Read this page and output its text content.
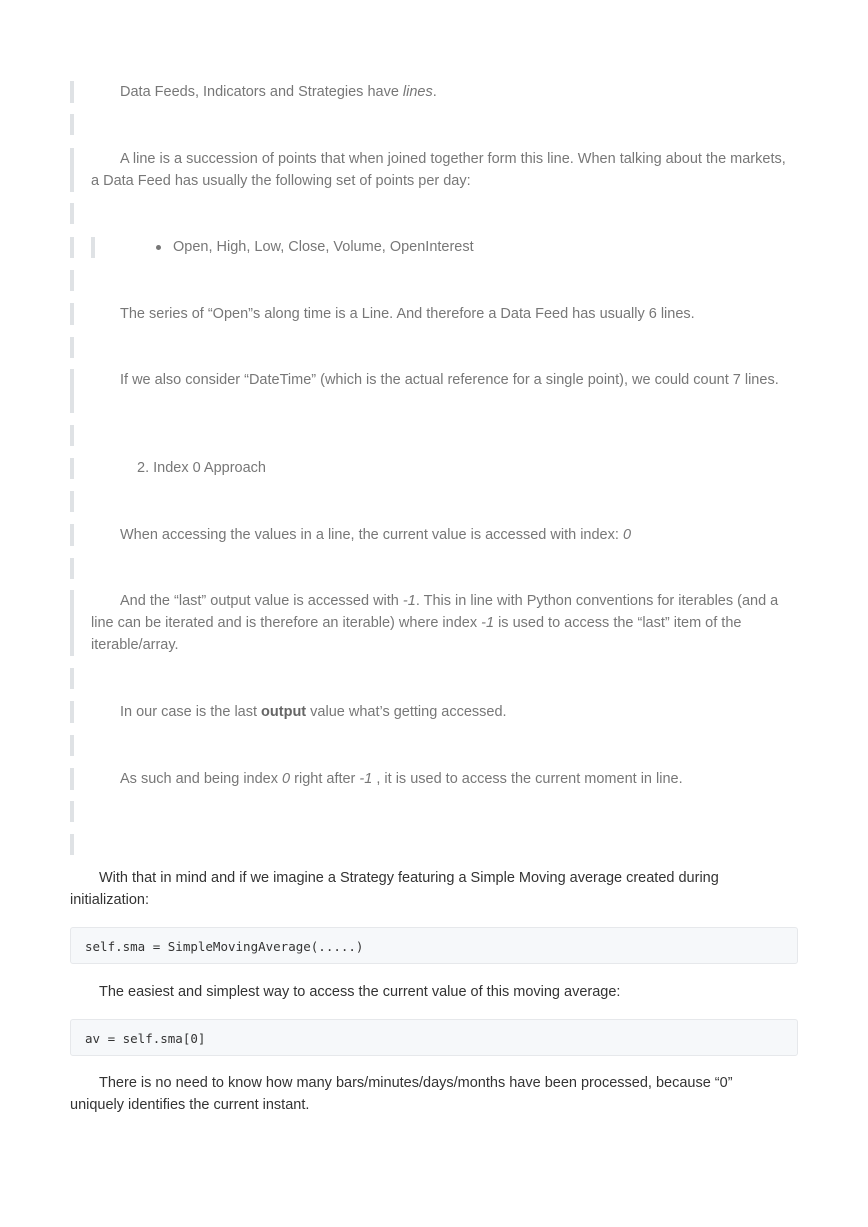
Data Feeds, Indicators and Strategies have lines.

A line is a succession of points that when joined together form this line. When talking about the markets, a Data Feed has usually the following set of points per day:

Open, High, Low, Close, Volume, OpenInterest

The series of “Open”s along time is a Line. And therefore a Data Feed has usually 6 lines.

If we also consider “DateTime” (which is the actual reference for a single point), we could count 7 lines.

2. Index 0 Approach

When accessing the values in a line, the current value is accessed with index: 0

And the “last” output value is accessed with -1. This in line with Python conventions for iterables (and a line can be iterated and is therefore an iterable) where index -1 is used to access the “last” item of the iterable/array.

In our case is the last output value what’s getting accessed.

As such and being index 0 right after -1 , it is used to access the current moment in line.

With that in mind and if we imagine a Strategy featuring a Simple Moving average created during initialization:

self.sma = SimpleMovingAverage(.....)

The easiest and simplest way to access the current value of this moving average:

av = self.sma[0]

There is no need to know how many bars/minutes/days/months have been processed, because “0” uniquely identifies the current instant.
